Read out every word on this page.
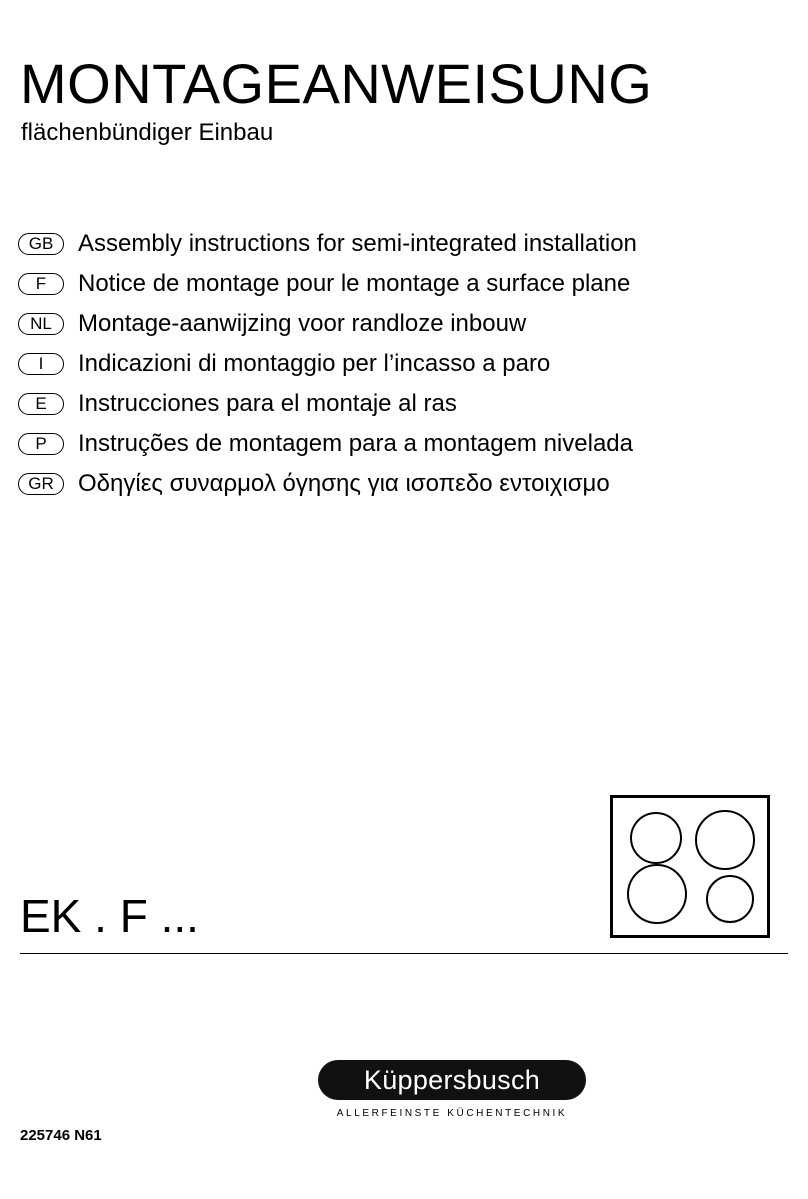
MONTAGEANWEISUNG
flächenbündiger Einbau
GB	Assembly instructions for semi-integrated installation
F	Notice de montage pour le montage a surface plane
NL	Montage-aanwijzing voor randloze inbouw
I	Indicazioni di montaggio per l’incasso a paro
E	Instrucciones para el montaje al ras
P	Instruções de montagem para a montagem nivelada
GR	Οδηγίες συναρμολ όγησης για ισοπεδο εντοιχισμο
EK . F ...
Küppersbusch
ALLERFEINSTE KÜCHENTECHNIK
225746 N61
